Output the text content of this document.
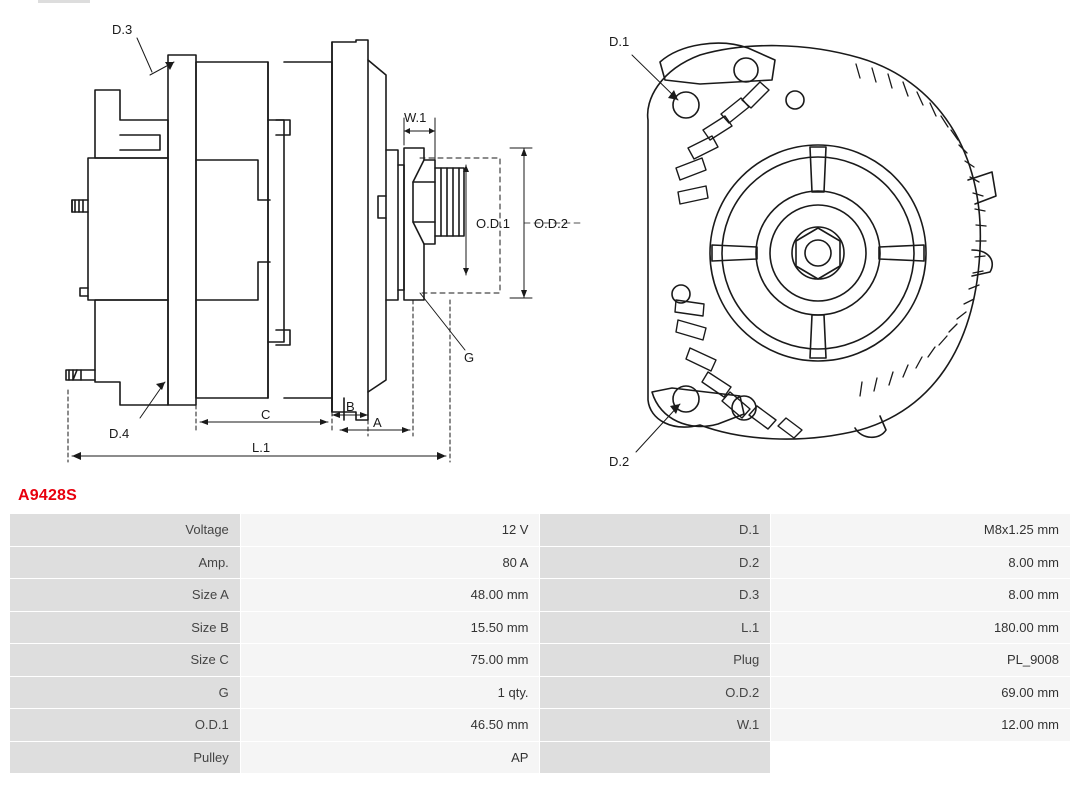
D.3
D.4
W.1
O.D.1 O.D.2
G
C
B
A
L.1
D.1
D.2
A9428S
Voltage	12 V	D.1	M8x1.25 mm
Amp.	80 A	D.2	8.00 mm
Size A	48.00 mm	D.3	8.00 mm
Size B	15.50 mm	L.1	180.00 mm
Size C	75.00 mm	Plug	PL_9008
G	1 qty.	O.D.2	69.00 mm
O.D.1	46.50 mm	W.1	12.00 mm
Pulley	AP		
